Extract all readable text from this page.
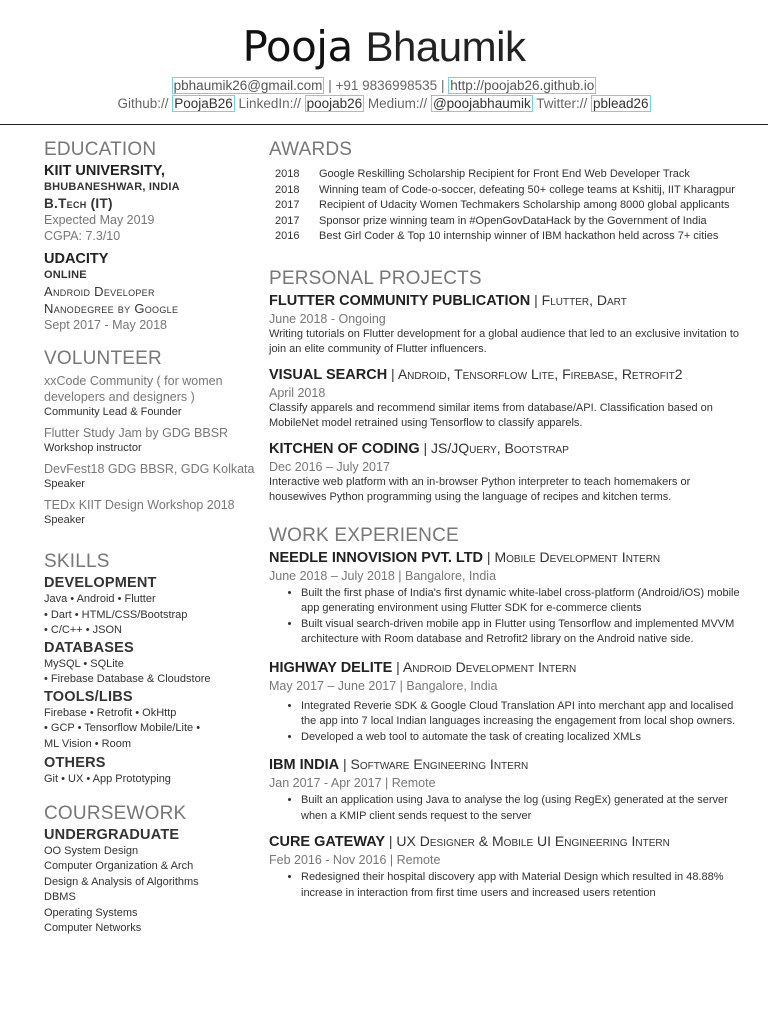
Pooja Bhaumik
pbhaumik26@gmail.com | +91 9836998535 | http://poojab26.github.io
Github:// PoojaB26 LinkedIn:// poojab26 Medium:// @poojabhaumik Twitter:// pblead26
EDUCATION
KIIT UNIVERSITY,
BHUBANESHWAR, INDIA
B.Tech (IT)
Expected May 2019
CGPA: 7.3/10
UDACITY
ONLINE
Android Developer
Nanodegree by Google
Sept 2017 - May 2018
VOLUNTEER
xxCode Community ( for women developers and designers )
Community Lead & Founder
Flutter Study Jam by GDG BBSR
Workshop instructor
DevFest18 GDG BBSR, GDG Kolkata
Speaker
TEDx KIIT Design Workshop 2018
Speaker
SKILLS
DEVELOPMENT
Java • Android • Flutter
• Dart • HTML/CSS/Bootstrap
• C/C++ • JSON
DATABASES
MySQL • SQLite
• Firebase Database & Cloudstore
TOOLS/LIBS
Firebase • Retrofit • OkHttp
• GCP • Tensorflow Mobile/Lite •
ML Vision • Room
OTHERS
Git • UX • App Prototyping
COURSEWORK
UNDERGRADUATE
OO System Design
Computer Organization & Arch
Design & Analysis of Algorithms
DBMS
Operating Systems
Computer Networks
AWARDS
2018	Google Reskilling Scholarship Recipient for Front End Web Developer Track
2018	Winning team of Code-o-soccer, defeating 50+ college teams at Kshitij, IIT Kharagpur
2017	Recipient of Udacity Women Techmakers Scholarship among 8000 global applicants
2017	Sponsor prize winning team in #OpenGovDataHack by the Government of India
2016	Best Girl Coder & Top 10 internship winner of IBM hackathon held across 7+ cities
PERSONAL PROJECTS
FLUTTER COMMUNITY PUBLICATION | Flutter, Dart
June 2018 - Ongoing
Writing tutorials on Flutter development for a global audience that led to an exclusive invitation to join an elite community of Flutter influencers.
VISUAL SEARCH | Android, Tensorflow Lite, Firebase, Retrofit2
April 2018
Classify apparels and recommend similar items from database/API. Classification based on MobileNet model retrained using Tensorflow to classify apparels.
KITCHEN OF CODING | JS/JQuery, Bootstrap
Dec 2016 – July 2017
Interactive web platform with an in-browser Python interpreter to teach homemakers or housewives Python programming using the language of recipes and kitchen terms.
WORK EXPERIENCE
NEEDLE INNOVISION PVT. LTD | Mobile Development Intern
June 2018 – July 2018 | Bangalore, India
• Built the first phase of India's first dynamic white-label cross-platform (Android/iOS) mobile app generating environment using Flutter SDK for e-commerce clients
• Built visual search-driven mobile app in Flutter using Tensorflow and implemented MVVM architecture with Room database and Retrofit2 library on the Android native side.
HIGHWAY DELITE | Android Development Intern
May 2017 – June 2017 | Bangalore, India
• Integrated Reverie SDK & Google Cloud Translation API into merchant app and localised the app into 7 local Indian languages increasing the engagement from local shop owners.
• Developed a web tool to automate the task of creating localized XMLs
IBM INDIA | Software Engineering Intern
Jan 2017 - Apr 2017 | Remote
• Built an application using Java to analyse the log (using RegEx) generated at the server when a KMIP client sends request to the server
CURE GATEWAY | UX Designer & Mobile UI Engineering Intern
Feb 2016 - Nov 2016 | Remote
• Redesigned their hospital discovery app with Material Design which resulted in 48.88% increase in interaction from first time users and increased users retention
